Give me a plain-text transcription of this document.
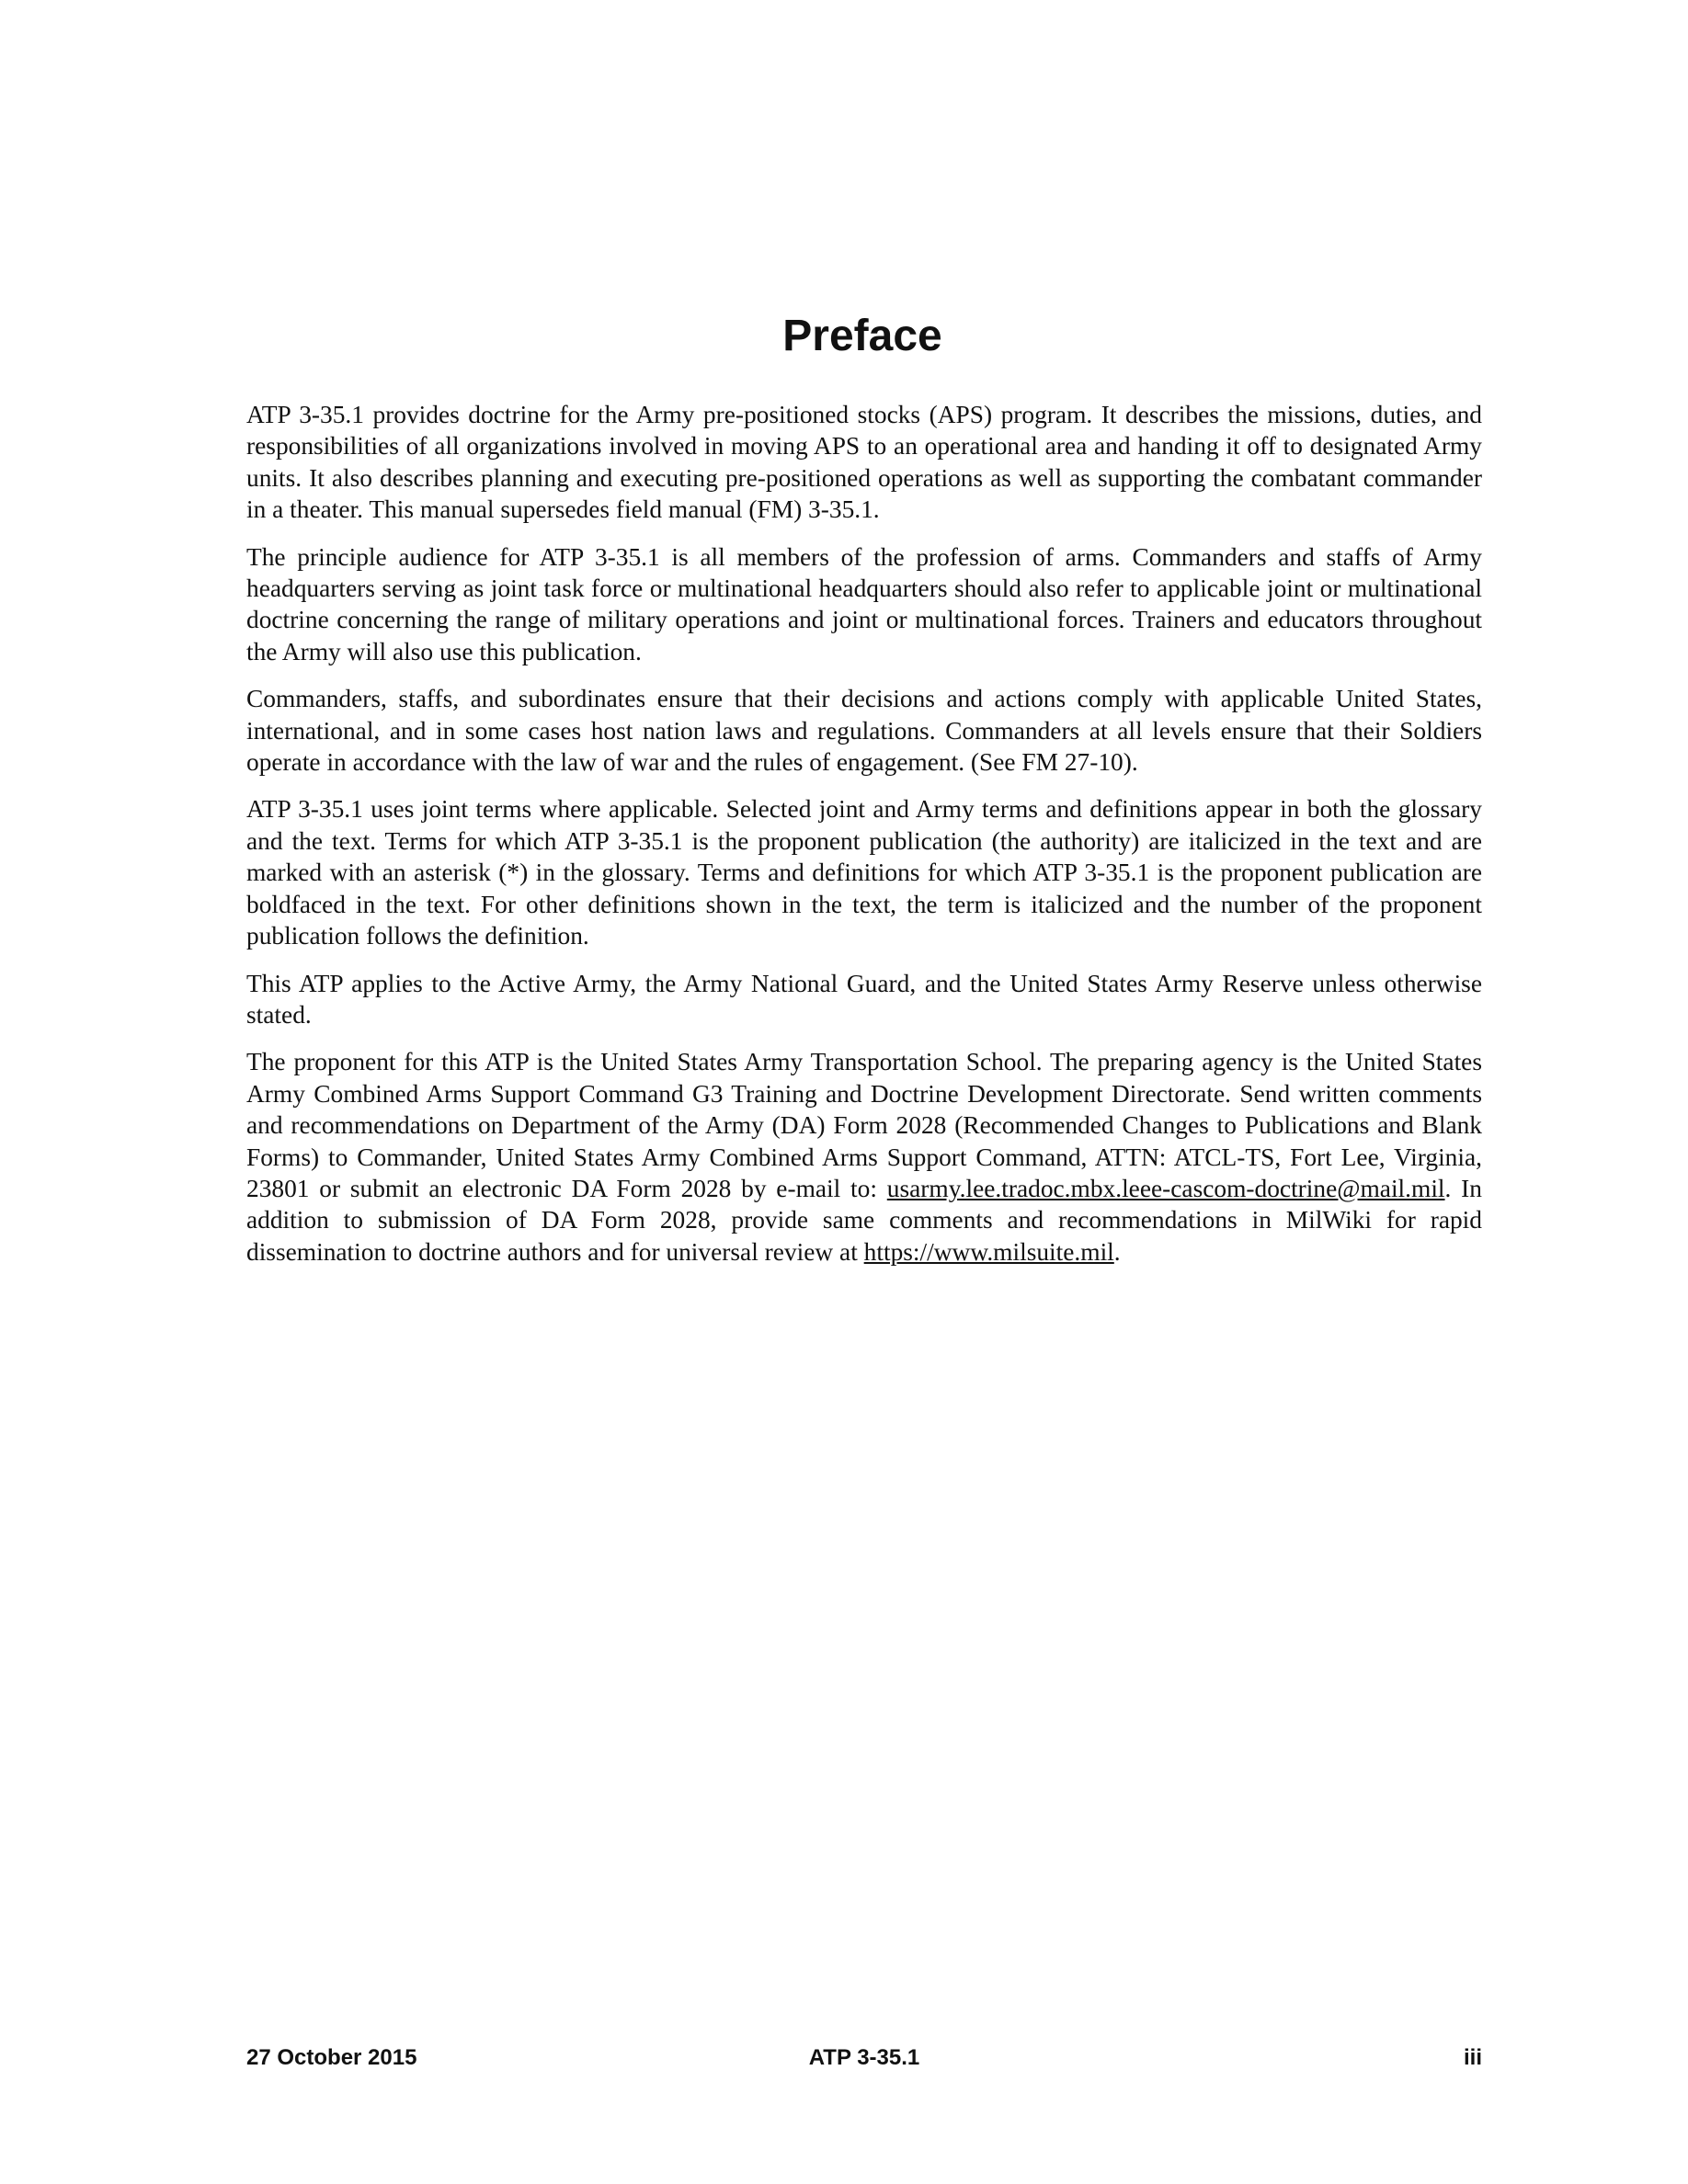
Preface

ATP 3-35.1 provides doctrine for the Army pre-positioned stocks (APS) program. It describes the missions, duties, and responsibilities of all organizations involved in moving APS to an operational area and handing it off to designated Army units. It also describes planning and executing pre-positioned operations as well as supporting the combatant commander in a theater. This manual supersedes field manual (FM) 3-35.1.

The principle audience for ATP 3-35.1 is all members of the profession of arms. Commanders and staffs of Army headquarters serving as joint task force or multinational headquarters should also refer to applicable joint or multinational doctrine concerning the range of military operations and joint or multinational forces. Trainers and educators throughout the Army will also use this publication.

Commanders, staffs, and subordinates ensure that their decisions and actions comply with applicable United States, international, and in some cases host nation laws and regulations. Commanders at all levels ensure that their Soldiers operate in accordance with the law of war and the rules of engagement. (See FM 27-10).

ATP 3-35.1 uses joint terms where applicable. Selected joint and Army terms and definitions appear in both the glossary and the text. Terms for which ATP 3-35.1 is the proponent publication (the authority) are italicized in the text and are marked with an asterisk (*) in the glossary. Terms and definitions for which ATP 3-35.1 is the proponent publication are boldfaced in the text. For other definitions shown in the text, the term is italicized and the number of the proponent publication follows the definition.

This ATP applies to the Active Army, the Army National Guard, and the United States Army Reserve unless otherwise stated.

The proponent for this ATP is the United States Army Transportation School. The preparing agency is the United States Army Combined Arms Support Command G3 Training and Doctrine Development Directorate. Send written comments and recommendations on Department of the Army (DA) Form 2028 (Recommended Changes to Publications and Blank Forms) to Commander, United States Army Combined Arms Support Command, ATTN: ATCL-TS, Fort Lee, Virginia, 23801 or submit an electronic DA Form 2028 by e-mail to: usarmy.lee.tradoc.mbx.leee-cascom-doctrine@mail.mil. In addition to submission of DA Form 2028, provide same comments and recommendations in MilWiki for rapid dissemination to doctrine authors and for universal review at https://www.milsuite.mil.

27 October 2015	ATP 3-35.1	iii
